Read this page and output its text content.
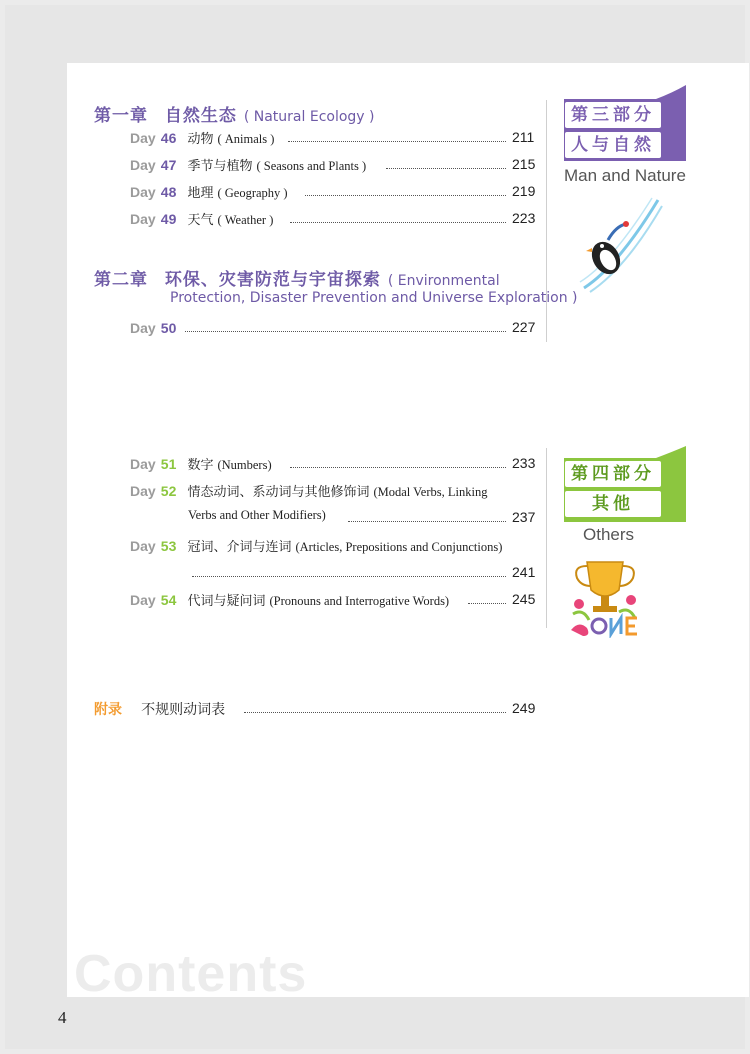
第一章 自然生态 ( Natural Ecology )
Day 46 动物 ( Animals )	211
Day 47 季节与植物 ( Seasons and Plants )	215
Day 48 地理 ( Geography )	219
Day 49 天气 ( Weather )	223
第二章 环保、灾害防范与宇宙探索 ( Environmental
Protection, Disaster Prevention and Universe Exploration )
Day 50	227
第三部分
人与自然
Man and Nature
Day 51 数字 (Numbers)	233
Day 52 情态动词、系动词与其他修饰词 (Modal Verbs, Linking
Verbs and Other Modifiers)	237
Day 53 冠词、介词与连词 (Articles, Prepositions and Conjunctions)
241
Day 54 代词与疑问词 (Pronouns and Interrogative Words)	245
第四部分
其他
Others
附录 不规则动词表	249
Contents
4
